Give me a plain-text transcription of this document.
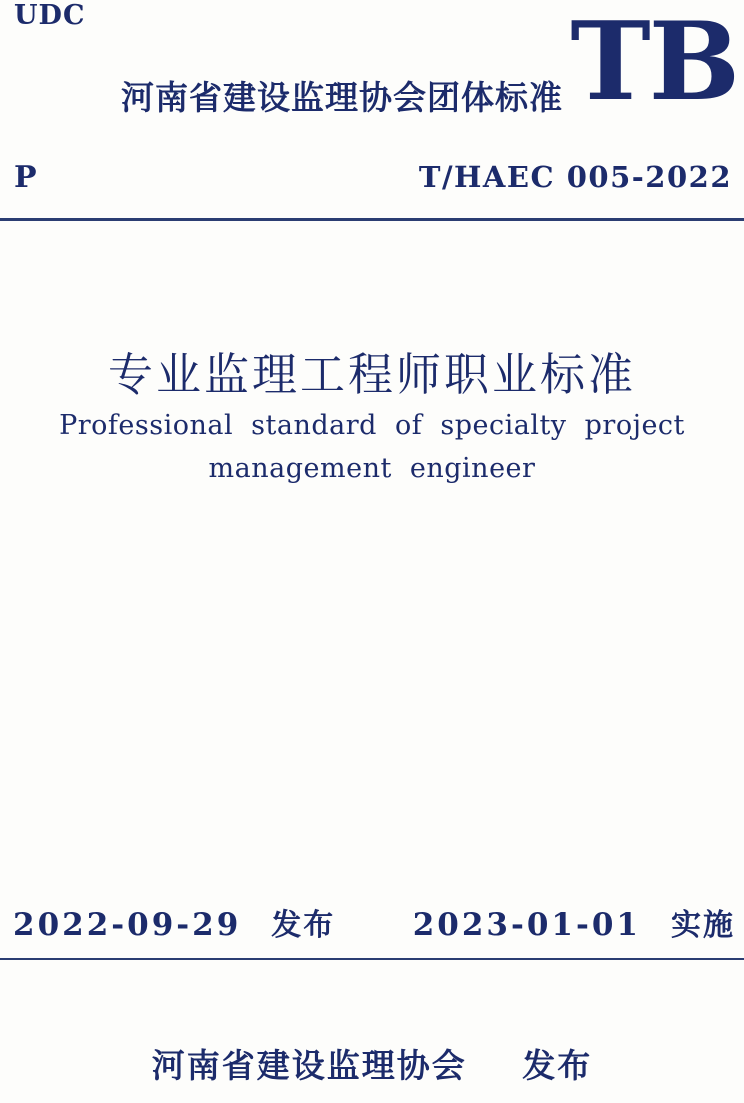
UDC
河南省建设监理协会团体标准 TB
P	T/HAEC 005-2022
专业监理工程师职业标准
Professional standard of specialty project
management engineer
2022-09-29 发布 2023-01-01 实施
河南省建设监理协会 发布
